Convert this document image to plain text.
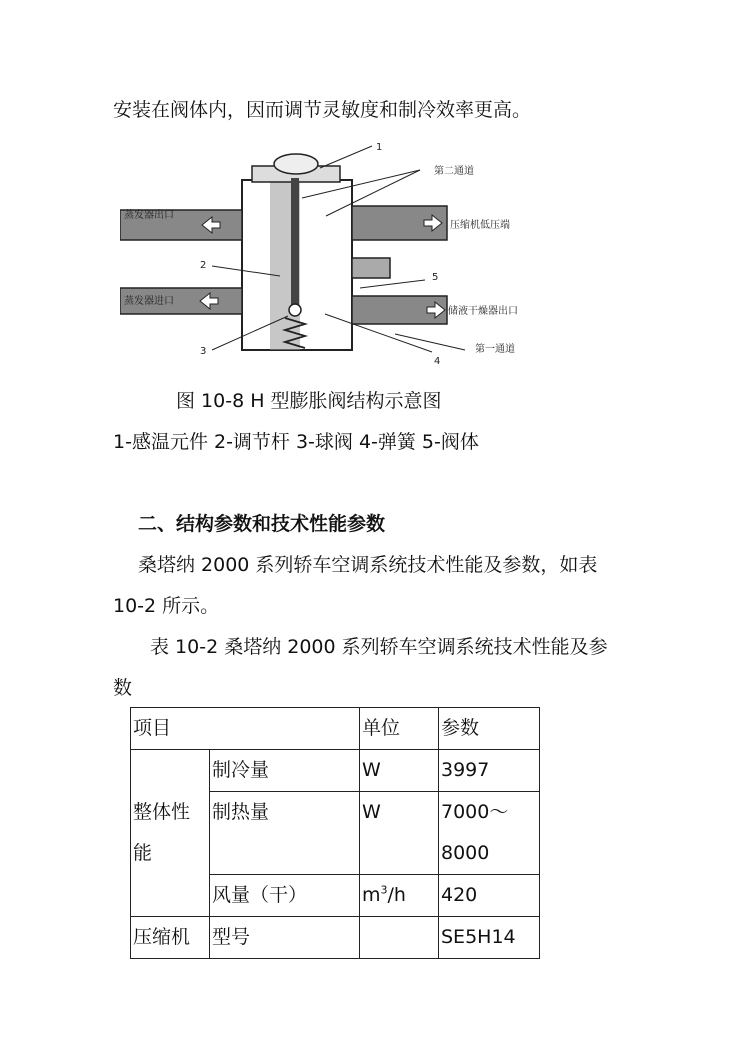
安装在阀体内，因而调节灵敏度和制冷效率更高。
1
第二通道
蒸发器出口
压缩机低压端
2
5
蒸发器进口
储液干燥器出口
3	第一通道
4
图 10-8 H 型膨胀阀结构示意图
1-感温元件 2-调节杆 3-球阀 4-弹簧 5-阀体
二、结构参数和技术性能参数
桑塔纳 2000 系列轿车空调系统技术性能及参数，如表
10-2 所示。
表 10-2 桑塔纳 2000 系列轿车空调系统技术性能及参
数
项目		单位	参数

整体性
能	制冷量	W	3997
	制热量	W	7000～
8000

	风量（干）	$m^3/h$	420
压缩机	型号		SE5H14
